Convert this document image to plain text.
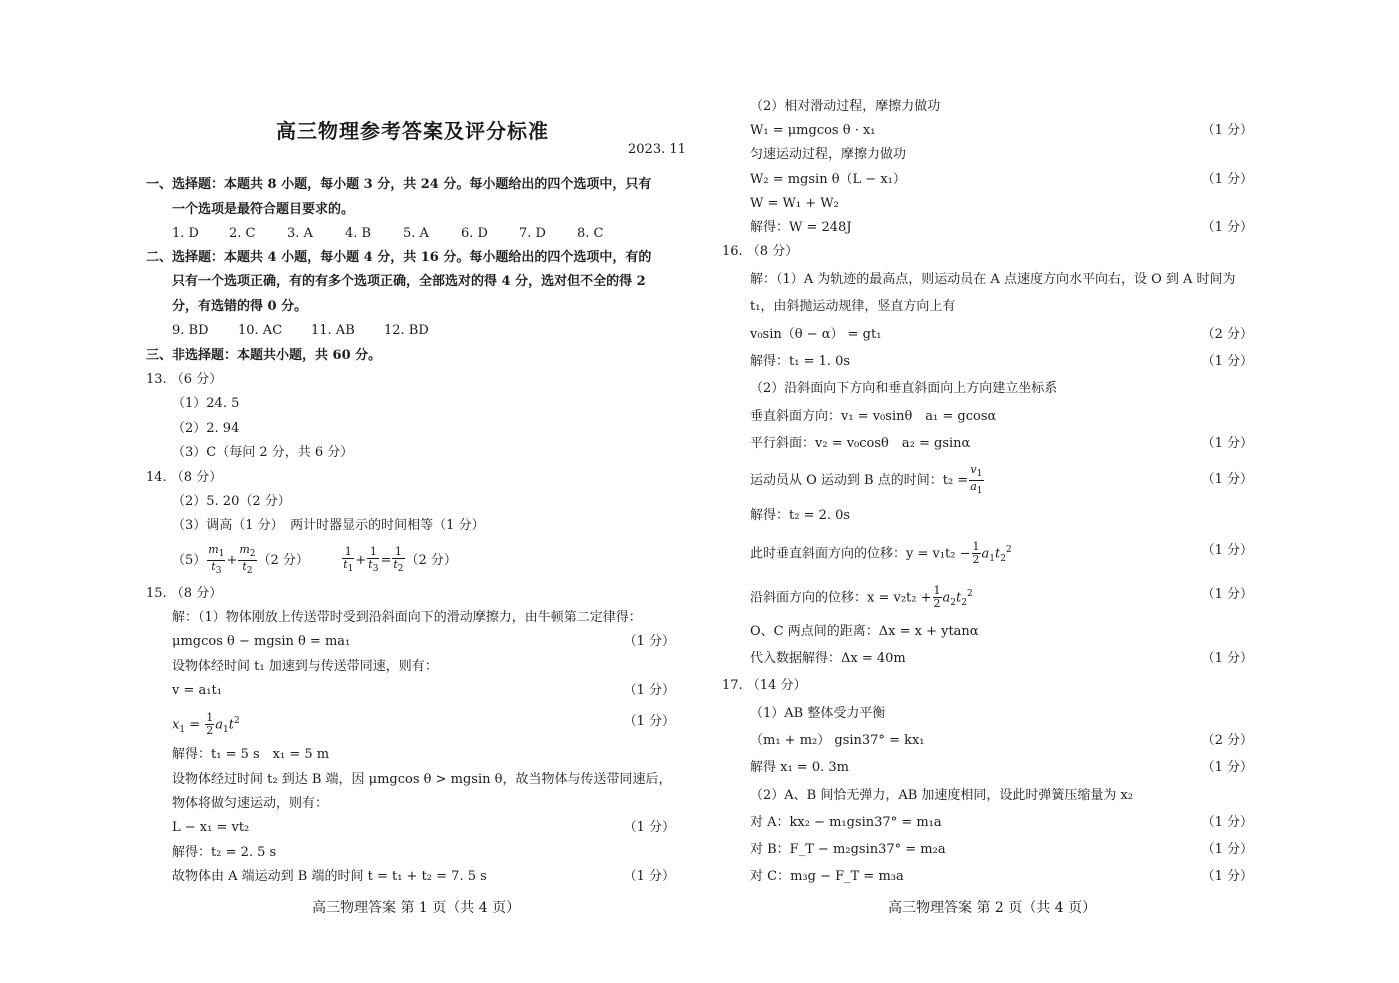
高三物理参考答案及评分标准
2023. 11
一、选择题：本题共 8 小题，每小题 3 分，共 24 分。每小题给出的四个选项中，只有
一个选项是最符合题目要求的。
1. D 2. C 3. A 4. B 5. A 6. D 7. D 8. C
二、选择题：本题共 4 小题，每小题 4 分，共 16 分。每小题给出的四个选项中，有的
只有一个选项正确，有的有多个选项正确，全部选对的得 4 分，选对但不全的得 2
分，有选错的得 0 分。
9. BD 10. AC 11. AB 12. BD
三、非选择题：本题共小题，共 60 分。
13. （6 分）
（1）24. 5
（2）2. 94
（3）C（每问 2 分，共 6 分）
14. （8 分）
（2）5. 20（2 分）
（3）调高（1 分）　两计时器显示的时间相等（1 分）
$(5) \frac{m_1}{t_3} + \frac{m_2}{t_2} (2$ 分）	$\frac{1}{t_1} + \frac{1}{t_3} = \frac{1}{t_2} (2$ 分）
15. （8 分）
解：（1）物体刚放上传送带时受到沿斜面向下的滑动摩擦力，由牛顿第二定律得：
μmgcos θ − mgsin θ = ma₁	（1 分）
设物体经时间 t₁ 加速到与传送带同速，则有：
v = a₁t₁	（1 分）
$x_1 = \frac{1}{2} a_1t^2$	（1 分）
解得：t₁ = 5 s　x₁ = 5 m
设物体经过时间 t₂ 到达 B 端，因 μmgcos θ > mgsin θ，故当物体与传送带同速后，
物体将做匀速运动，则有：
L − x₁ = vt₂	（1 分）
解得：t₂ = 2. 5 s
故物体由 A 端运动到 B 端的时间 t = t₁ + t₂ = 7. 5 s	（1 分）
高三物理答案 第 1 页（共 4 页）
（2）相对滑动过程，摩擦力做功
W₁ = μmgcos θ · x₁	（1 分）
匀速运动过程，摩擦力做功
W₂ = mgsin θ（L − x₁）	（1 分）
W = W₁ + W₂
解得：W = 248J	（1 分）
16. （8 分）
解：（1）A 为轨迹的最高点，则运动员在 A 点速度方向水平向右，设 O 到 A 时间为
t₁，由斜抛运动规律，竖直方向上有
v₀sin（θ − α） = gt₁	（2 分）
解得：t₁ = 1. 0s	（1 分）
（2）沿斜面向下方向和垂直斜面向上方向建立坐标系
垂直斜面方向：v₁ = v₀sinθ　a₁ = gcosα
平行斜面：v₂ = v₀cosθ　a₂ = gsinα	（1 分）
运动员从 O 运动到 B 点的时间：$t_2 = \frac{v_1}{a_1}$	（1 分）
解得：t₂ = 2. 0s
此时垂直斜面方向的位移：$y = v_1t_2 - \frac{1}{2} a_1t_2^2$	（1 分）
沿斜面方向的位移：$x = v_2t_2 + \frac{1}{2} a_2t_2^2$	（1 分）
O、C 两点间的距离：Δx = x + ytanα
代入数据解得：Δx = 40m	（1 分）
17. （14 分）
（1）AB 整体受力平衡
（m₁ + m₂） gsin37° = kx₁	（2 分）
解得 x₁ = 0. 3m	（1 分）
（2）A、B 间恰无弹力，AB 加速度相同，设此时弹簧压缩量为 x₂
对 A：kx₂ − m₁gsin37° = m₁a	（1 分）
对 B：F_T − m₂gsin37° = m₂a	（1 分）
对 C：m₃g − F_T = m₃a	（1 分）
高三物理答案 第 2 页（共 4 页）
